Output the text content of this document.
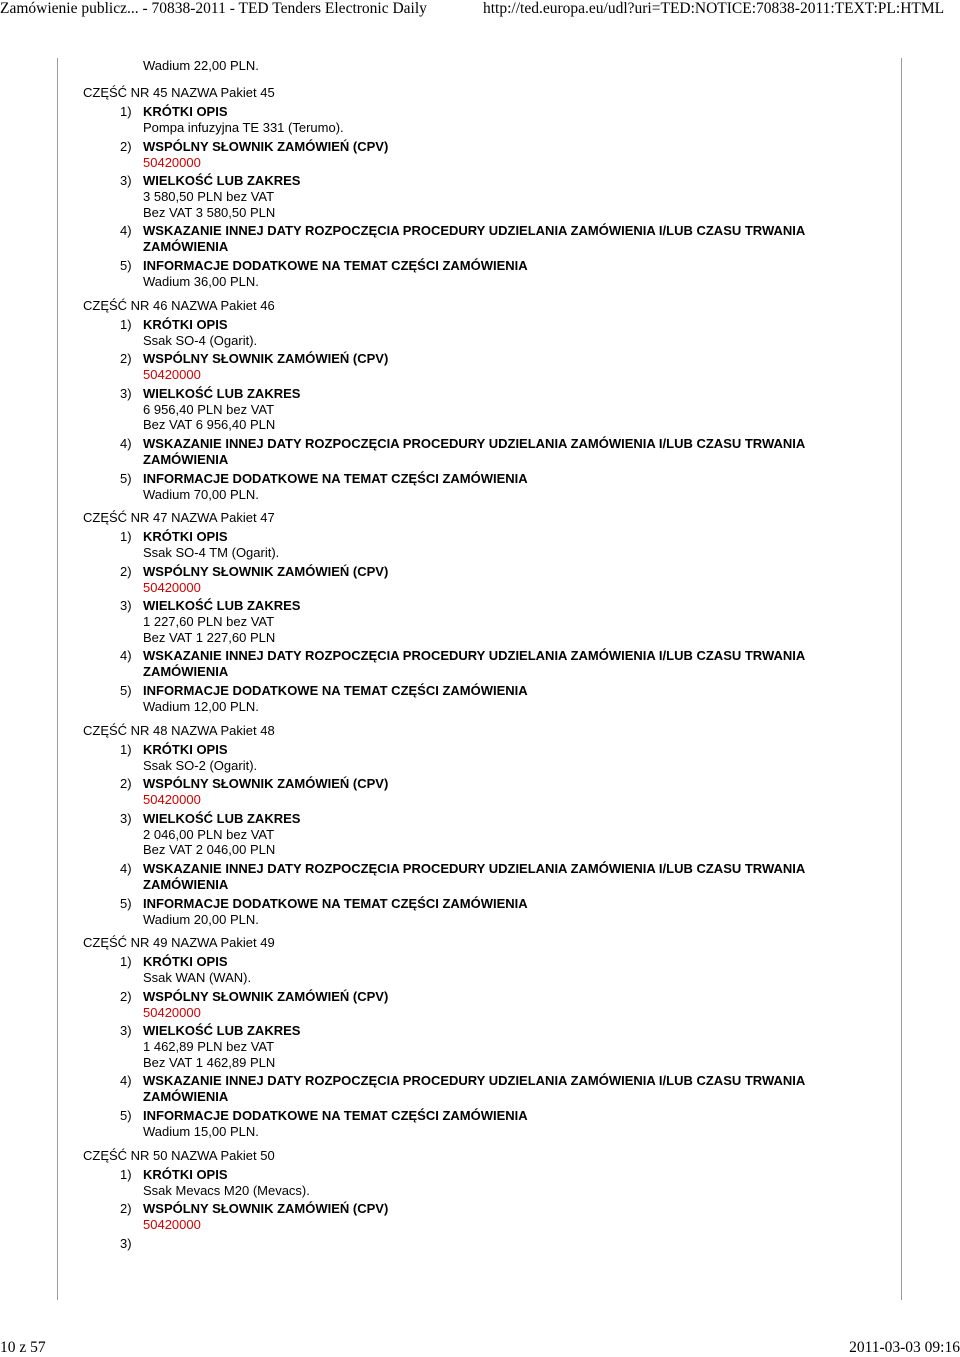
Zamówienie publicz... - 70838-2011 - TED Tenders Electronic Daily	http://ted.europa.eu/udl?uri=TED:NOTICE:70838-2011:TEXT:PL:HTML
Wadium 22,00 PLN.
CZĘŚĆ NR 45 NAZWA Pakiet 45
1) KRÓTKI OPIS
Pompa infuzyjna TE 331 (Terumo).
2) WSPÓLNY SŁOWNIK ZAMÓWIEŃ (CPV)
50420000
3) WIELKOŚĆ LUB ZAKRES
3 580,50 PLN bez VAT
Bez VAT 3 580,50 PLN
4) WSKAZANIE INNEJ DATY ROZPOCZĘCIA PROCEDURY UDZIELANIA ZAMÓWIENIA I/LUB CZASU TRWANIA ZAMÓWIENIA
5) INFORMACJE DODATKOWE NA TEMAT CZĘŚCI ZAMÓWIENIA
Wadium 36,00 PLN.
CZĘŚĆ NR 46 NAZWA Pakiet 46
1) KRÓTKI OPIS
Ssak SO-4 (Ogarit).
2) WSPÓLNY SŁOWNIK ZAMÓWIEŃ (CPV)
50420000
3) WIELKOŚĆ LUB ZAKRES
6 956,40 PLN bez VAT
Bez VAT 6 956,40 PLN
4) WSKAZANIE INNEJ DATY ROZPOCZĘCIA PROCEDURY UDZIELANIA ZAMÓWIENIA I/LUB CZASU TRWANIA ZAMÓWIENIA
5) INFORMACJE DODATKOWE NA TEMAT CZĘŚCI ZAMÓWIENIA
Wadium 70,00 PLN.
CZĘŚĆ NR 47 NAZWA Pakiet 47
1) KRÓTKI OPIS
Ssak SO-4 TM (Ogarit).
2) WSPÓLNY SŁOWNIK ZAMÓWIEŃ (CPV)
50420000
3) WIELKOŚĆ LUB ZAKRES
1 227,60 PLN bez VAT
Bez VAT 1 227,60 PLN
4) WSKAZANIE INNEJ DATY ROZPOCZĘCIA PROCEDURY UDZIELANIA ZAMÓWIENIA I/LUB CZASU TRWANIA ZAMÓWIENIA
5) INFORMACJE DODATKOWE NA TEMAT CZĘŚCI ZAMÓWIENIA
Wadium 12,00 PLN.
CZĘŚĆ NR 48 NAZWA Pakiet 48
1) KRÓTKI OPIS
Ssak SO-2 (Ogarit).
2) WSPÓLNY SŁOWNIK ZAMÓWIEŃ (CPV)
50420000
3) WIELKOŚĆ LUB ZAKRES
2 046,00 PLN bez VAT
Bez VAT 2 046,00 PLN
4) WSKAZANIE INNEJ DATY ROZPOCZĘCIA PROCEDURY UDZIELANIA ZAMÓWIENIA I/LUB CZASU TRWANIA ZAMÓWIENIA
5) INFORMACJE DODATKOWE NA TEMAT CZĘŚCI ZAMÓWIENIA
Wadium 20,00 PLN.
CZĘŚĆ NR 49 NAZWA Pakiet 49
1) KRÓTKI OPIS
Ssak WAN (WAN).
2) WSPÓLNY SŁOWNIK ZAMÓWIEŃ (CPV)
50420000
3) WIELKOŚĆ LUB ZAKRES
1 462,89 PLN bez VAT
Bez VAT 1 462,89 PLN
4) WSKAZANIE INNEJ DATY ROZPOCZĘCIA PROCEDURY UDZIELANIA ZAMÓWIENIA I/LUB CZASU TRWANIA ZAMÓWIENIA
5) INFORMACJE DODATKOWE NA TEMAT CZĘŚCI ZAMÓWIENIA
Wadium 15,00 PLN.
CZĘŚĆ NR 50 NAZWA Pakiet 50
1) KRÓTKI OPIS
Ssak Mevacs M20 (Mevacs).
2) WSPÓLNY SŁOWNIK ZAMÓWIEŃ (CPV)
50420000
3)
10 z 57	2011-03-03 09:16
